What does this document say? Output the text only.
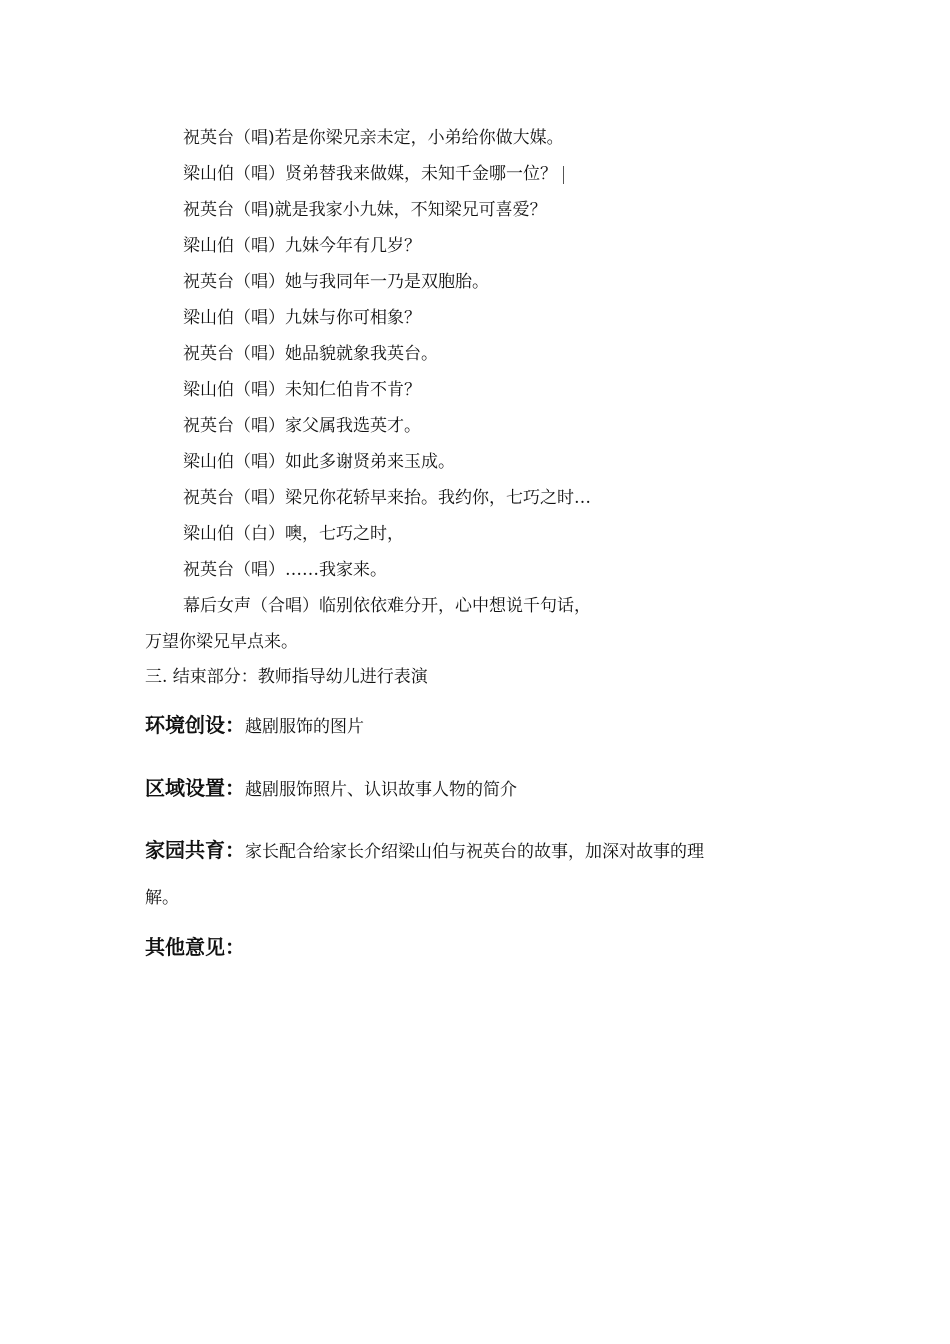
祝英台（唱)若是你梁兄亲未定，小弟给你做大媒。
梁山伯（唱）贤弟替我来做媒，未知千金哪一位？
祝英台（唱)就是我家小九妹，不知梁兄可喜爱？
梁山伯（唱）九妹今年有几岁？
祝英台（唱）她与我同年一乃是双胞胎。
梁山伯（唱）九妹与你可相象？
祝英台（唱）她品貌就象我英台。
梁山伯（唱）未知仁伯肯不肯？
祝英台（唱）家父属我选英才。
梁山伯（唱）如此多谢贤弟来玉成。
祝英台（唱）梁兄你花轿早来抬。我约你，七巧之时…
梁山伯（白）噢，七巧之时，
祝英台（唱）……我家来。
幕后女声（合唱）临别依依难分开，心中想说千句话，
万望你梁兄早点来。
三. 结束部分：教师指导幼儿进行表演
环境创设：越剧服饰的图片
区域设置：越剧服饰照片、认识故事人物的简介
家园共育：家长配合给家长介绍梁山伯与祝英台的故事，加深对故事的理
解。
其他意见：
